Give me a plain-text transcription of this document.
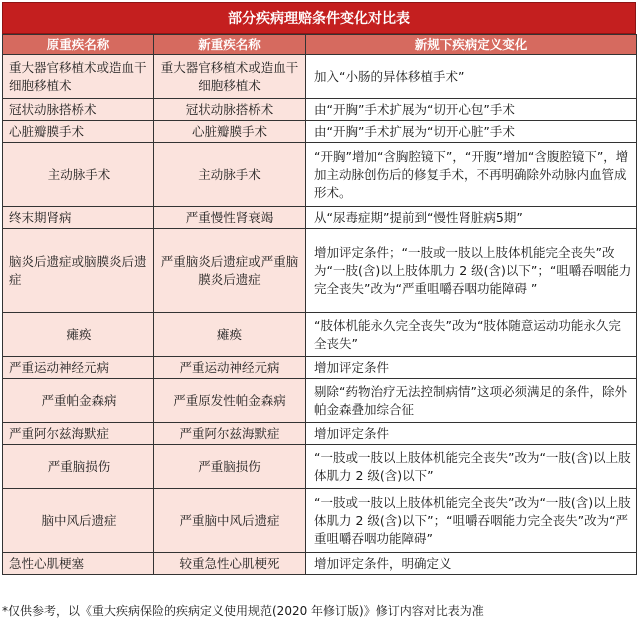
部分疾病理赔条件变化对比表
原重疾名称	新重疾名称	新规下疾病定义变化
重大器官移植术或造血干细胞移植术	重大器官移植术或造血干细胞移植术	加入“小肠的异体移植手术”
冠状动脉搭桥术	冠状动脉搭桥术	由“开胸”手术扩展为“切开心包”手术
心脏瓣膜手术	心脏瓣膜手术	由“开胸”手术扩展为“切开心脏”手术
主动脉手术	主动脉手术	“开胸”增加“含胸腔镜下”，“开腹”增加“含腹腔镜下”，增加主动脉创伤后的修复手术，不再明确除外动脉内血管成形术。
终末期肾病	严重慢性肾衰竭	从“尿毒症期”提前到“慢性肾脏病5期”
脑炎后遗症或脑膜炎后遗症	严重脑炎后遗症或严重脑膜炎后遗症	增加评定条件；“一肢或一肢以上肢体机能完全丧失”改为“一肢(含)以上肢体肌力 2 级(含)以下”；“咀嚼吞咽能力完全丧失”改为“严重咀嚼吞咽功能障碍 ”
瘫痪	瘫痪	“肢体机能永久完全丧失”改为“肢体随意运动功能永久完全丧失”
严重运动神经元病	严重运动神经元病	增加评定条件
严重帕金森病	严重原发性帕金森病	剔除“药物治疗无法控制病情”这项必须满足的条件，除外帕金森叠加综合征
严重阿尔兹海默症	严重阿尔兹海默症	增加评定条件
严重脑损伤	严重脑损伤	“一肢或一肢以上肢体机能完全丧失”改为“一肢(含)以上肢体肌力 2 级(含)以下”
脑中风后遗症	严重脑中风后遗症	“一肢或一肢以上肢体机能完全丧失”改为“一肢(含)以上肢体肌力 2 级(含)以下”；“咀嚼吞咽能力完全丧失”改为“严重咀嚼吞咽功能障碍”
急性心肌梗塞	较重急性心肌梗死	增加评定条件，明确定义
*仅供参考，以《重大疾病保险的疾病定义使用规范(2020 年修订版)》修订内容对比表为准
